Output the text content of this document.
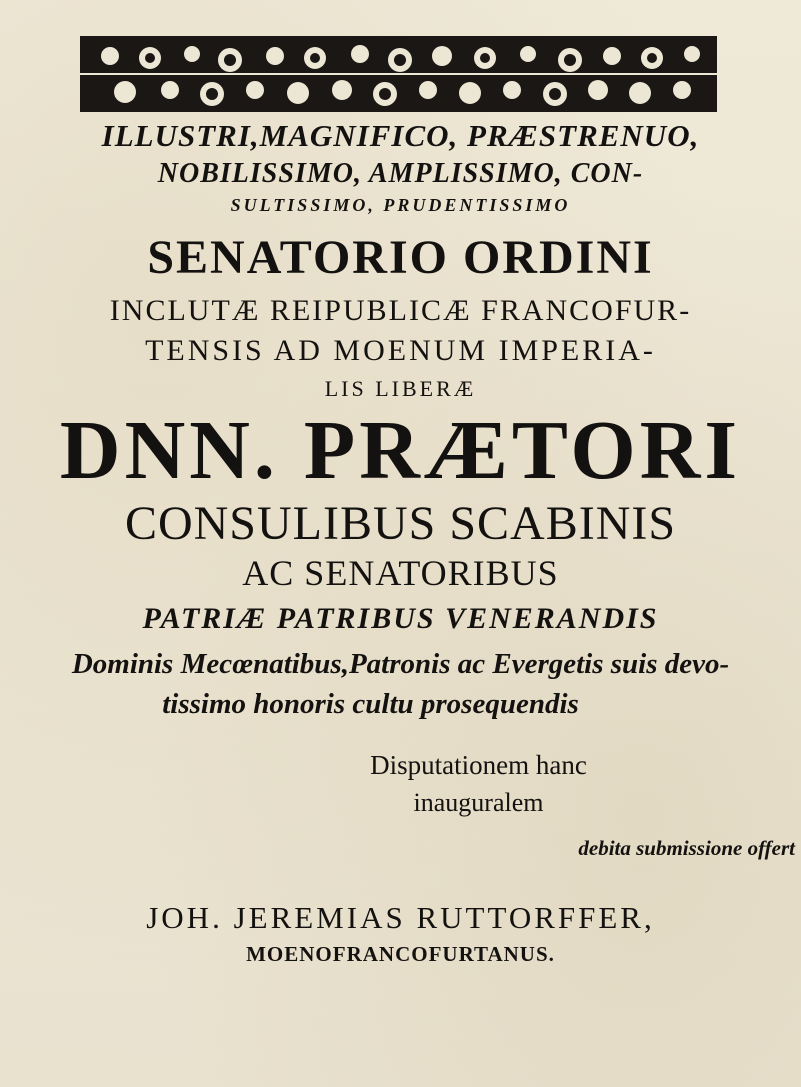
ILLUSTRI,MAGNIFICO, PRÆSTRENUO,
NOBILISSIMO, AMPLISSIMO, CON-
SULTISSIMO, PRUDENTISSIMO
SENATORIO ORDINI
INCLUTÆ REIPUBLICÆ FRANCOFUR-
TENSIS AD MOENUM IMPERIA-
LIS LIBERÆ
DNN. PRÆTORI
CONSULIBUS SCABINIS
AC SENATORIBUS
PATRIÆ PATRIBUS VENERANDIS
Dominis Mecœnatibus,Patronis ac Evergetis suis devo-
tissimo honoris cultu prosequendis
Disputationem hanc
inauguralem
debita submissione offert
JOH. JEREMIAS RUTTORFFER,
MOENOFRANCOFURTANUS.
